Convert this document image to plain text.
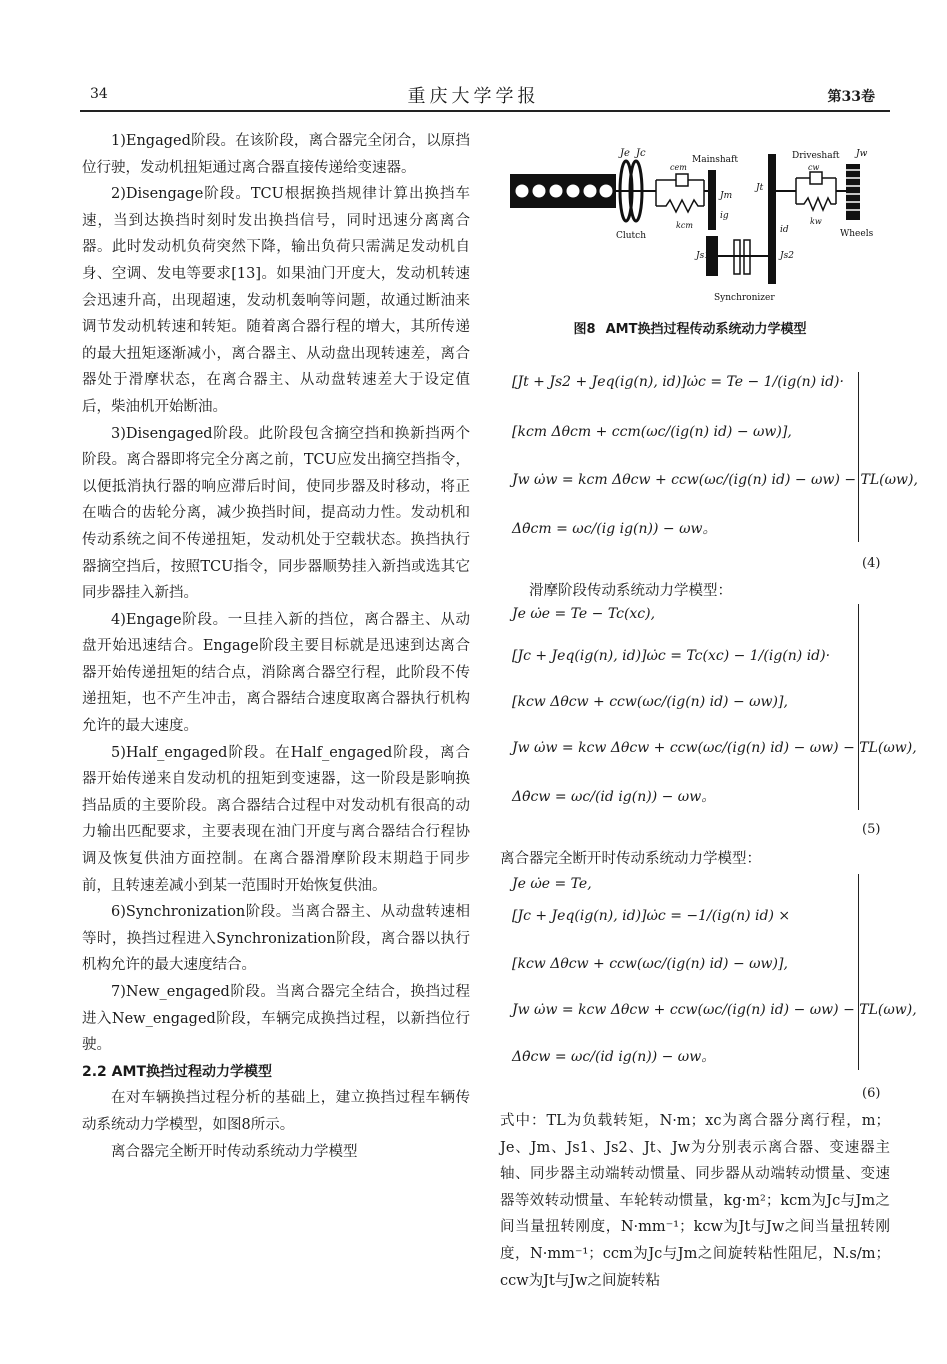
34	重庆大学学报	第33卷

1)Engaged阶段。在该阶段，离合器完全闭合，以原挡位行驶，发动机扭矩通过离合器直接传递给变速器。

2)Disengage阶段。TCU根据换挡规律计算出换挡车速，当到达换挡时刻时发出换挡信号，同时迅速分离离合器。此时发动机负荷突然下降，输出负荷只需满足发动机自身、空调、发电等要求[13]。如果油门开度大，发动机转速会迅速升高，出现超速，发动机轰响等问题，故通过断油来调节发动机转速和转矩。随着离合器行程的增大，其所传递的最大扭矩逐渐减小，离合器主、从动盘出现转速差，离合器处于滑摩状态，在离合器主、从动盘转速差大于设定值后，柴油机开始断油。

3)Disengaged阶段。此阶段包含摘空挡和换新挡两个阶段。离合器即将完全分离之前，TCU应发出摘空挡指令，以便抵消执行器的响应滞后时间，使同步器及时移动，将正在啮合的齿轮分离，减少换挡时间，提高动力性。发动机和传动系统之间不传递扭矩，发动机处于空载状态。换挡执行器摘空挡后，按照TCU指令，同步器顺势挂入新挡或选其它同步器挂入新挡。

4)Engage阶段。一旦挂入新的挡位，离合器主、从动盘开始迅速结合。Engage阶段主要目标就是迅速到达离合器开始传递扭矩的结合点，消除离合器空行程，此阶段不传递扭矩，也不产生冲击，离合器结合速度取离合器执行机构允许的最大速度。

5)Half_engaged阶段。在Half_engaged阶段，离合器开始传递来自发动机的扭矩到变速器，这一阶段是影响换挡品质的主要阶段。离合器结合过程中对发动机有很高的动力输出匹配要求，主要表现在油门开度与离合器结合行程协调及恢复供油方面控制。在离合器滑摩阶段末期趋于同步前，且转速差减小到某一范围时开始恢复供油。

6)Synchronization阶段。当离合器主、从动盘转速相等时，换挡过程进入Synchronization阶段，离合器以执行机构允许的最大速度结合。

7)New_engaged阶段。当离合器完全结合，换挡过程进入New_engaged阶段，车辆完成换挡过程，以新挡位行驶。

2.2 AMT换挡过程动力学模型

在对车辆换挡过程分析的基础上，建立换挡过程车辆传动系统动力学模型，如图8所示。

离合器完全断开时传动系统动力学模型

Je Jc
Mainshaft
cem
kcm
Jm
ig
Clutch
Js1	Js2
Jt
id
Driveshaft
cw
kw
Jw
Wheels
Synchronizer
图8 AMT换挡过程传动系统动力学模型
[Jt + Js2 + Jeq(ig(n), id)]ω̇c = Te − 1/(ig(n) id)·
[kcm Δθcm + ccm(ωc/(ig(n) id) − ωw)],
Jw ω̇w = kcm Δθcw + ccw(ωc/(ig(n) id) − ωw) − TL(ωw),
Δθ̇cm = ωc/(ig ig(n)) − ωw。
(4)
滑摩阶段传动系统动力学模型：
Je ω̇e = Te − Tc(xc),
[Jc + Jeq(ig(n), id)]ω̇c = Tc(xc) − 1/(ig(n) id)·
[kcw Δθcw + ccw(ωc/(ig(n) id) − ωw)],
Jw ω̇w = kcw Δθcw + ccw(ωc/(ig(n) id) − ωw) − TL(ωw),
Δθ̇cw = ωc/(id ig(n)) − ωw。
(5)
离合器完全断开时传动系统动力学模型：
Je ω̇e = Te,
[Jc + Jeq(ig(n), id)]ω̇c = −1/(ig(n) id) ×
[kcw Δθcw + ccw(ωc/(ig(n) id) − ωw)],
Jw ω̇w = kcw Δθcw + ccw(ωc/(ig(n) id) − ωw) − TL(ωw),
Δθ̇cw = ωc/(id ig(n)) − ωw。
(6)
式中：TL为负载转矩，N·m；xc为离合器分离行程，m；Je、Jm、Js1、Js2、Jt、Jw为分别表示离合器、变速器主轴、同步器主动端转动惯量、同步器从动端转动惯量、变速器等效转动惯量、车轮转动惯量，kg·m²；kcm为Jc与Jm之间当量扭转刚度，N·mm⁻¹；kcw为Jt与Jw之间当量扭转刚度，N·mm⁻¹；ccm为Jc与Jm之间旋转粘性阻尼，N.s/m；ccw为Jt与Jw之间旋转粘
